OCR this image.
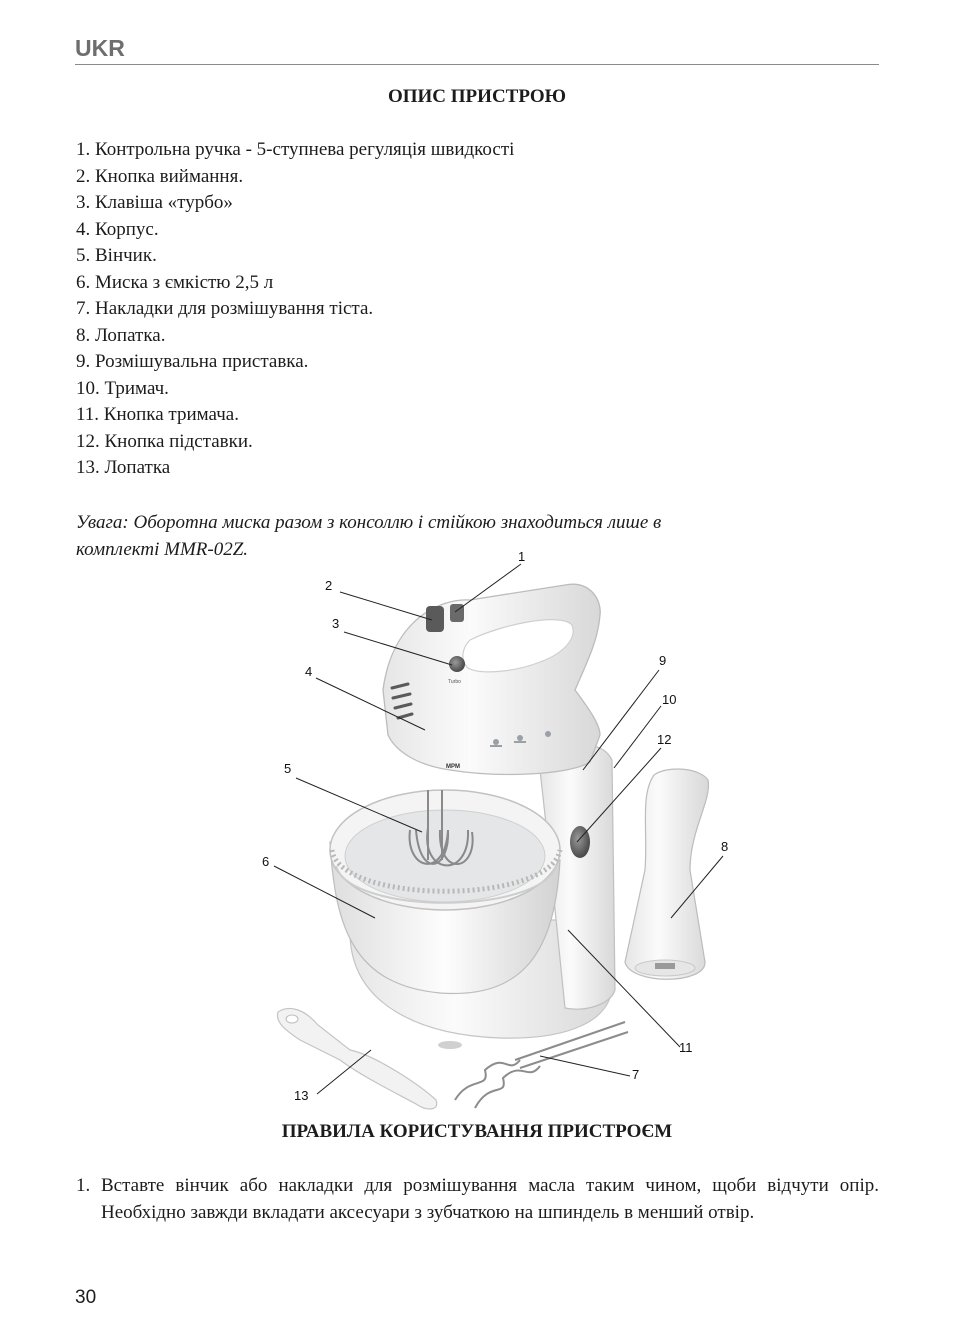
UKR
ОПИС ПРИСТРОЮ
1. Контрольна ручка - 5-ступнева регуляція швидкості
2. Кнопка виймання.
3. Клавіша «турбо»
4. Корпус.
5. Вінчик.
6. Миска з ємкістю 2,5 л
7. Накладки для розмішування тіста.
8. Лопатка.
9. Розмішувальна приставка.
10. Тримач.
11. Кнопка тримача.
12. Кнопка підставки.
13. Лопатка
Увага: Оборотна миска разом з консоллю і стійкою знаходиться лише в
комплекті MMR-02Z.
Turbo
MPM
1
2
3
4
5
6
7
8
9
10
12
11
13
ПРАВИЛА КОРИСТУВАННЯ ПРИСТРОЄМ
1. Вставте вінчик або накладки для розмішування масла таким чином, щоби відчути опір. Необхідно завжди вкладати аксесуари з зубчаткою на шпиндель в менший отвір.
30
